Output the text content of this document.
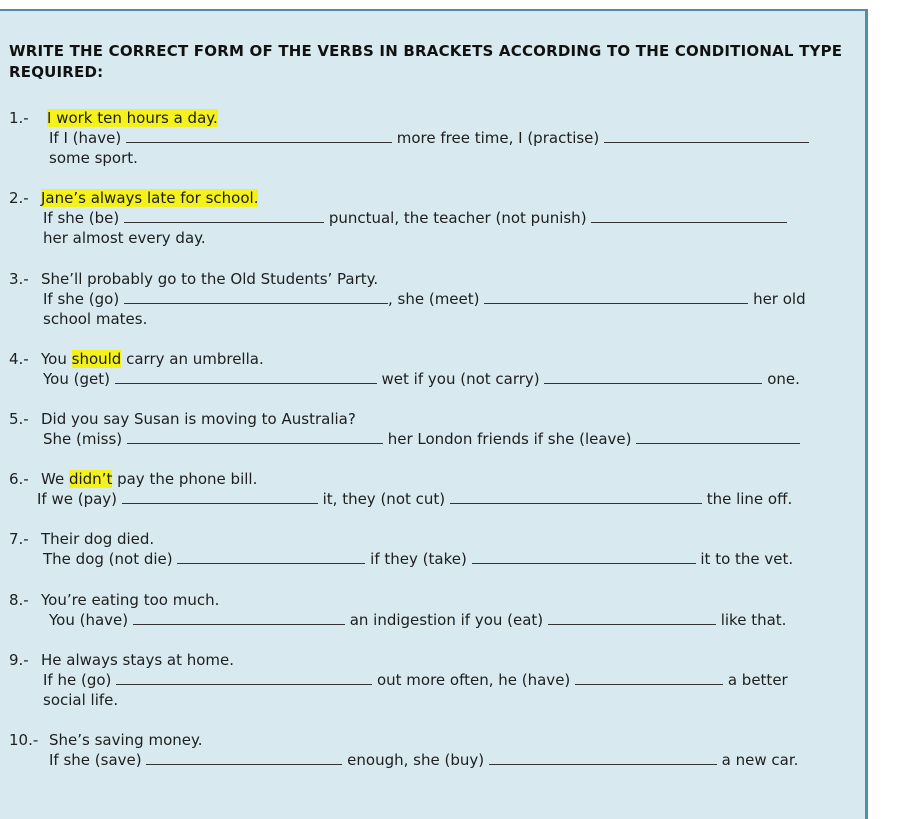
WRITE THE CORRECT FORM OF THE VERBS IN BRACKETS ACCORDING TO THE CONDITIONAL TYPE REQUIRED:
1.- I work ten hours a day.
If I (have)	more free time, I (practise)
some sport.
2.- Jane’s always late for school.
If she (be)	punctual, the teacher (not punish)
her almost every day.
3.- She’ll probably go to the Old Students’ Party.
If she (go)	, she (meet)	her old
school mates.
4.- You should carry an umbrella.
You (get)	wet if you (not carry)	one.
5.- Did you say Susan is moving to Australia?
She (miss)	her London friends if she (leave)
6.- We didn’t pay the phone bill.
If we (pay)	it, they (not cut)	the line off.
7.- Their dog died.
The dog (not die)	if they (take)	it to the vet.
8.- You’re eating too much.
You (have)	an indigestion if you (eat)	like that.
9.- He always stays at home.
If he (go)	out more often, he (have)	a better
social life.
10.- She’s saving money.
If she (save)	enough, she (buy)	a new car.
